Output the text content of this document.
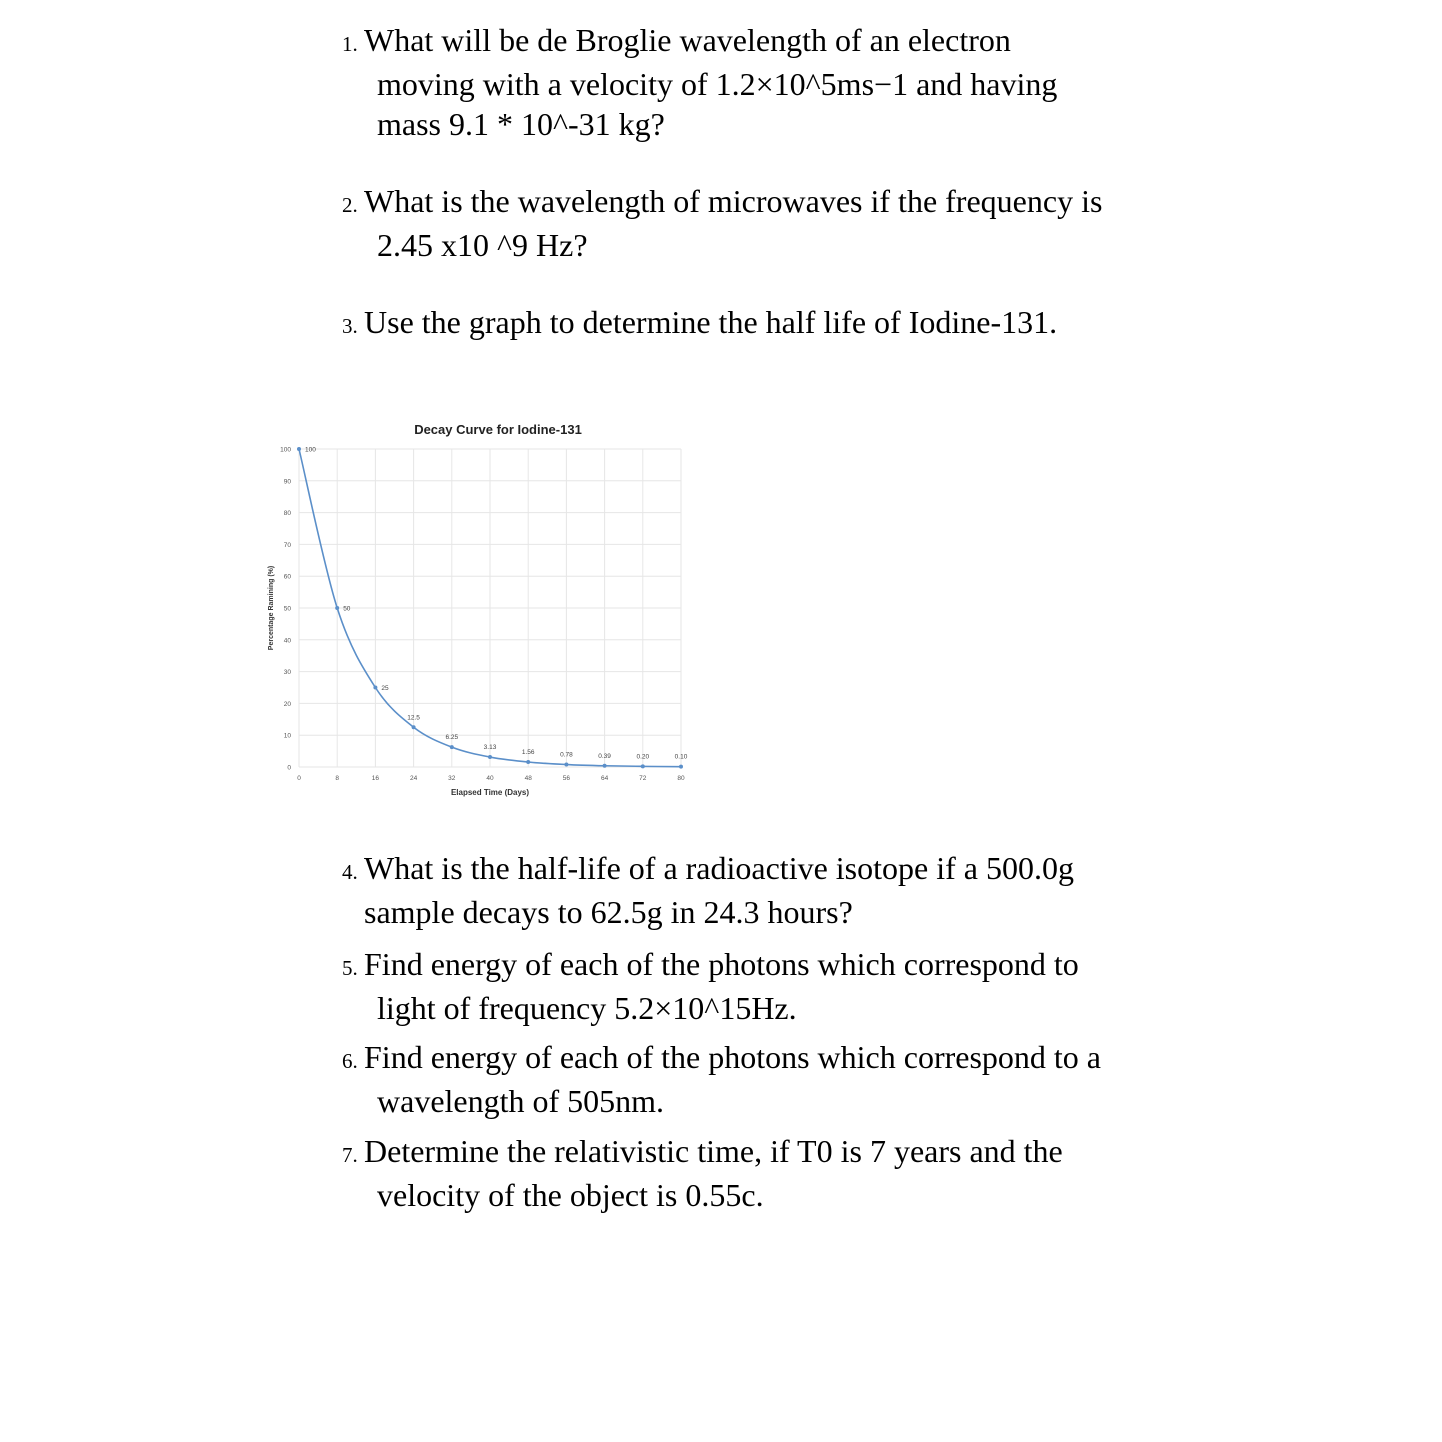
1. What will be de Broglie wavelength of an electron
moving with a velocity of 1.2×10^5ms−1 and having
mass 9.1 * 10^-31 kg?
2. What is the wavelength of microwaves if the frequency is
2.45 x10 ^9 Hz?
3. Use the graph to determine the half life of Iodine-131.
0
10
20
30
40
50
60
70
80
90
100
0	8	16	24	32	40	48	56	64	72	80
100
50
25
12.5
6.25
3.13
1.56	0.78	0.39	0.20	0.10
Decay Curve for Iodine-131
Elapsed Time (Days)
Percentage Ramining (%)
4. What is the half-life of a radioactive isotope if a 500.0g
sample decays to 62.5g in 24.3 hours?
5. Find energy of each of the photons which correspond to
light of frequency 5.2×10^15Hz.
6. Find energy of each of the photons which correspond to a
wavelength of 505nm.
7. Determine the relativistic time, if T0 is 7 years and the
velocity of the object is 0.55c.
